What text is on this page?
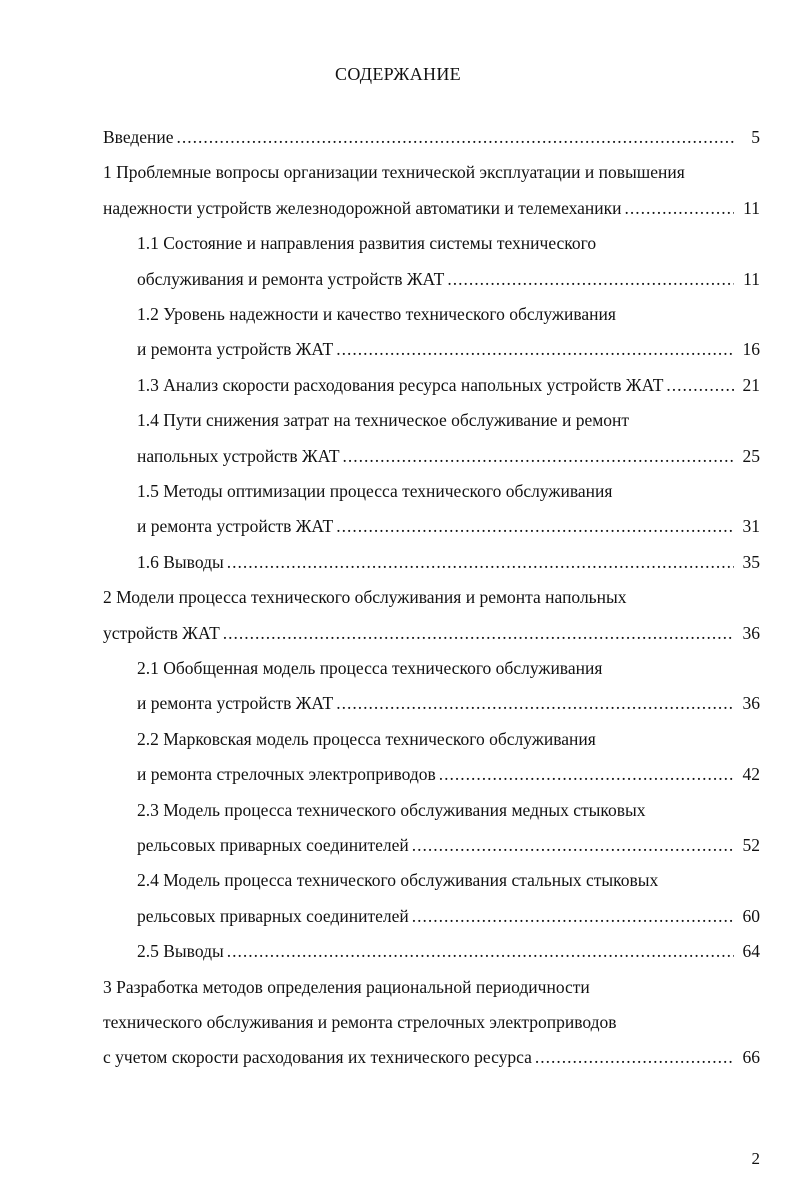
СОДЕРЖАНИЕ
Введение .....	5
1 Проблемные вопросы организации технической эксплуатации и повышения
надежности устройств железнодорожной автоматики и телемеханики .....	11
1.1 Состояние и направления развития системы технического
обслуживания и ремонта устройств ЖАТ .....	11
1.2 Уровень надежности и качество технического обслуживания
и ремонта устройств ЖАТ .....	16
1.3 Анализ скорости расходования ресурса напольных устройств ЖАТ .....	21
1.4 Пути снижения затрат на техническое обслуживание и ремонт
напольных устройств ЖАТ .....	25
1.5 Методы оптимизации процесса технического обслуживания
и ремонта устройств ЖАТ .....	31
1.6 Выводы .....	35
2 Модели процесса технического обслуживания и ремонта напольных
устройств ЖАТ .....	36
2.1 Обобщенная модель процесса технического обслуживания
и ремонта устройств ЖАТ .....	36
2.2 Марковская модель процесса технического обслуживания
и ремонта стрелочных электроприводов .....	42
2.3 Модель процесса технического обслуживания медных стыковых
рельсовых приварных соединителей .....	52
2.4 Модель процесса технического обслуживания стальных стыковых
рельсовых приварных соединителей .....	60
2.5 Выводы .....	64
3 Разработка методов определения рациональной периодичности
технического обслуживания и ремонта стрелочных электроприводов
с учетом скорости расходования их технического ресурса .....	66
2
